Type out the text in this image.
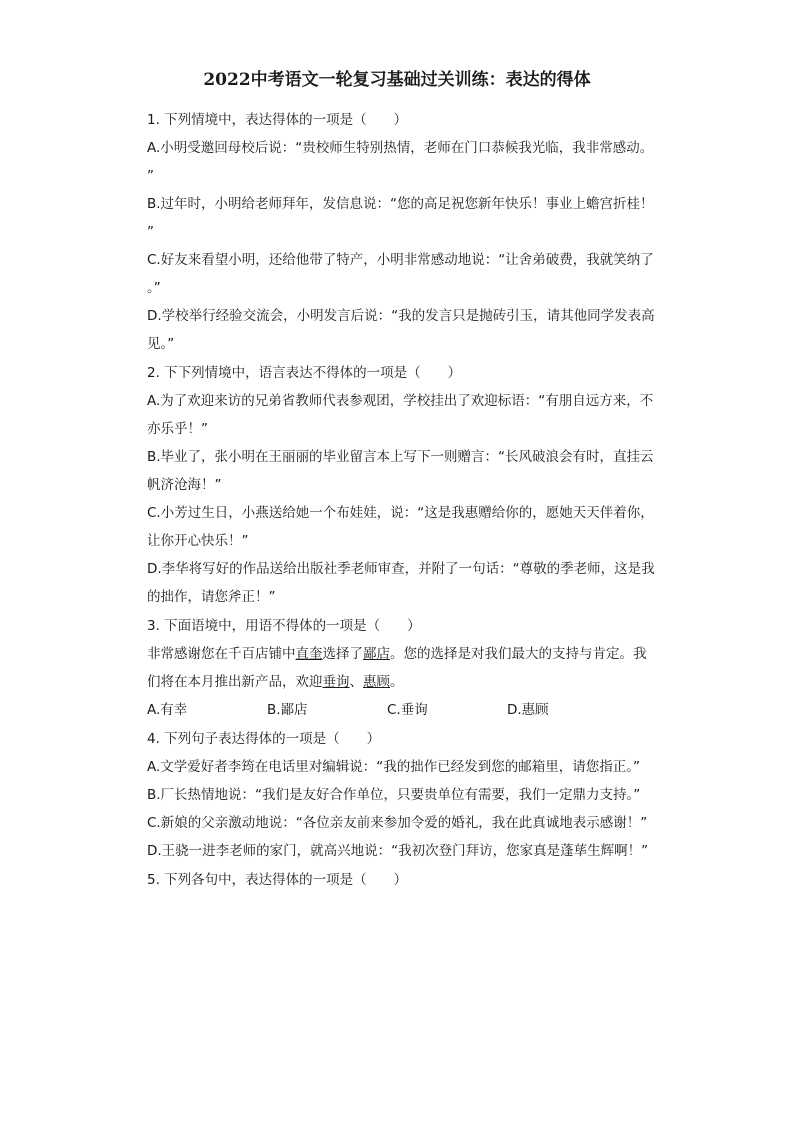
2022中考语文一轮复习基础过关训练：表达的得体
1. 下列情境中，表达得体的一项是（　　）
A.小明受邀回母校后说：“贵校师生特别热情，老师在门口恭候我光临，我非常感动。
”
B.过年时，小明给老师拜年，发信息说：“您的高足祝您新年快乐！事业上蟾宫折桂！
”
C.好友来看望小明，还给他带了特产，小明非常感动地说：“让舍弟破费，我就笑纳了
。”
D.学校举行经验交流会，小明发言后说：“我的发言只是抛砖引玉，请其他同学发表高
见。”
2. 下下列情境中，语言表达不得体的一项是（　　）
A.为了欢迎来访的兄弟省教师代表参观团，学校挂出了欢迎标语：“有朋自远方来，不
亦乐乎！”
B.毕业了，张小明在王丽丽的毕业留言本上写下一则赠言：“长风破浪会有时，直挂云
帆济沧海！”
C.小芳过生日，小燕送给她一个布娃娃，说：“这是我惠赠给你的，愿她天天伴着你，
让你开心快乐！”
D.李华将写好的作品送给出版社季老师审查，并附了一句话：“尊敬的季老师，这是我
的拙作，请您斧正！”
3. 下面语境中，用语不得体的一项是（　　）
非常感谢您在千百店铺中直奎选择了鄙店。您的选择是对我们最大的支持与肯定。我
们将在本月推出新产品，欢迎垂询、惠顾。
A.有幸	B.鄙店	C.垂询	D.惠顾
4. 下列句子表达得体的一项是（　　）
A.文学爱好者李筠在电话里对编辑说：“我的拙作已经发到您的邮箱里，请您指正。”
B.厂长热情地说：“我们是友好合作单位，只要贵单位有需要，我们一定鼎力支持。”
C.新娘的父亲激动地说：“各位亲友前来参加令爱的婚礼，我在此真诚地表示感谢！”
D.王骁一进李老师的家门，就高兴地说：“我初次登门拜访，您家真是蓬荜生辉啊！”
5. 下列各句中，表达得体的一项是（　　）
